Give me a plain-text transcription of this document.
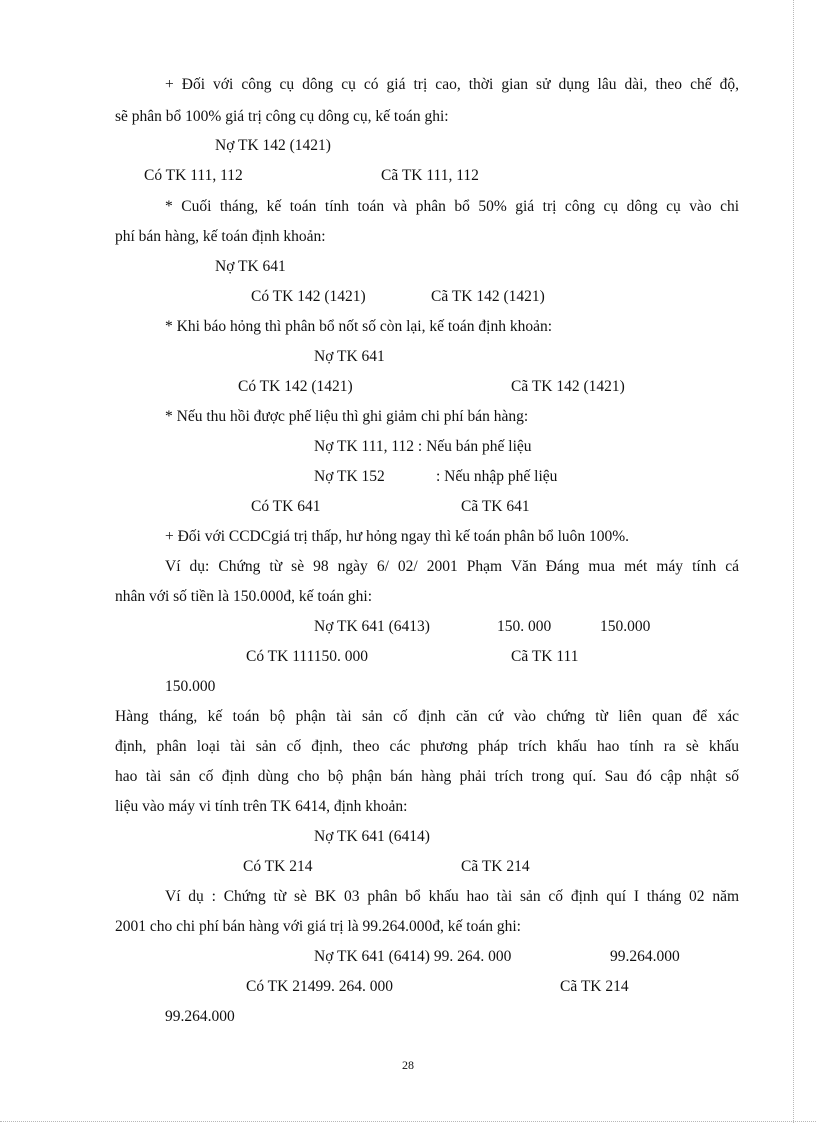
+ Đối với công cụ dông cụ có giá trị cao, thời gian sử dụng lâu dài, theo chế độ,
sẽ phân bổ 100% giá trị công cụ dông cụ, kế toán ghi:
Nợ TK 142 (1421)
Có TK 111, 112	Cã TK 111, 112
* Cuối tháng, kế toán tính toán và phân bổ 50% giá trị công cụ dông cụ vào chi
phí bán hàng, kế toán định khoản:
Nợ TK 641
Có TK 142 (1421)	Cã TK 142 (1421)
* Khi báo hỏng thì phân bổ nốt số còn lại, kế toán định khoản:
Nợ TK 641
Có TK 142 (1421)	Cã TK 142 (1421)
* Nếu thu hồi được phế liệu thì ghi giảm chi phí bán hàng:
Nợ TK 111, 112 : Nếu bán phế liệu
Nợ TK 152	: Nếu nhập phế liệu
Có TK 641	Cã TK 641
+ Đối với CCDCgiá trị thấp, hư hỏng ngay thì kế toán phân bổ luôn 100%.
Ví dụ: Chứng từ sè 98 ngày 6/ 02/ 2001 Phạm Văn Đáng mua mét máy tính cá
nhân với số tiền là 150.000đ, kế toán ghi:
Nợ TK 641 (6413)	150. 000	150.000
Có TK 111150. 000	Cã TK 111
150.000
Hàng tháng, kế toán bộ phận tài sản cố định căn cứ vào chứng từ liên quan để xác
định, phân loại tài sản cố định, theo các phương pháp trích khấu hao tính ra sè khấu
hao tài sản cố định dùng cho bộ phận bán hàng phải trích trong quí. Sau đó cập nhật số
liệu vào máy vi tính trên TK 6414, định khoản:
Nợ TK 641 (6414)
Có TK 214	Cã TK 214
Ví dụ : Chứng từ sè BK 03 phân bổ khấu hao tài sản cố định quí I tháng 02 năm
2001 cho chi phí bán hàng với giá trị là 99.264.000đ, kế toán ghi:
Nợ TK 641 (6414) 99. 264. 000	99.264.000
Có TK 21499. 264. 000	Cã TK 214
99.264.000
28
